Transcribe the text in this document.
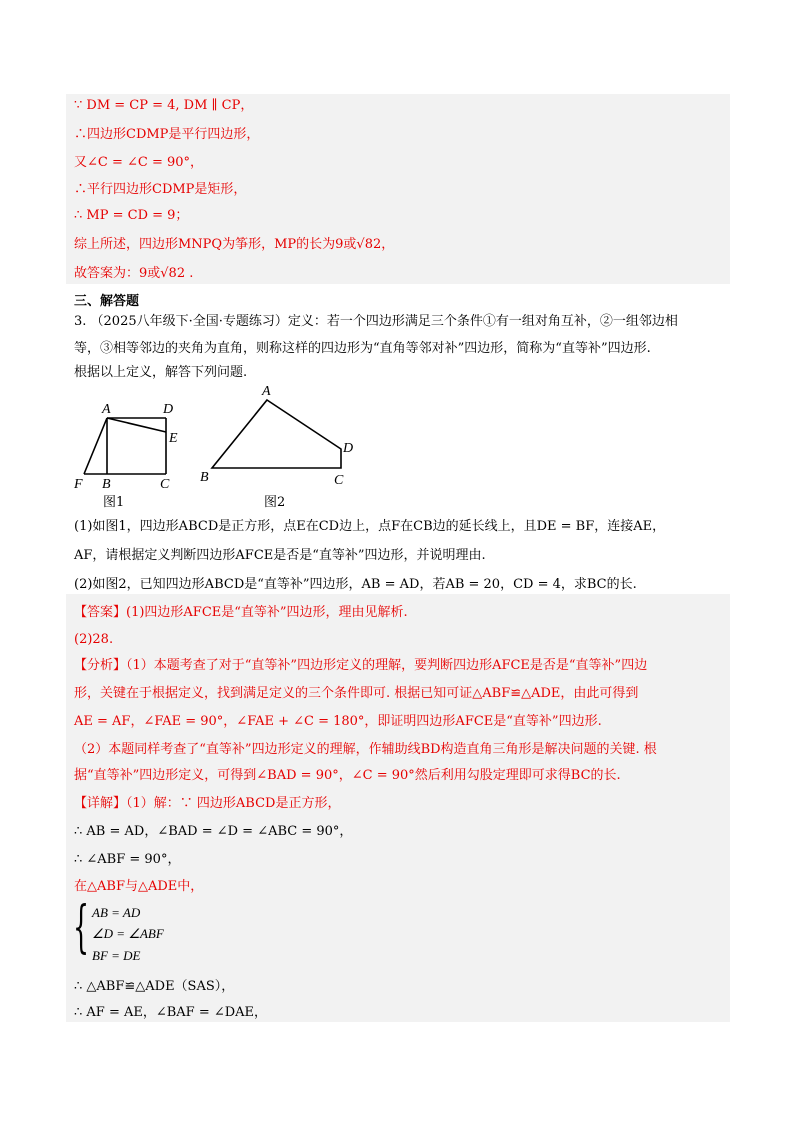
∵ DM = CP = 4, DM ∥ CP，
∴四边形CDMP是平行四边形，
又∠C = ∠C = 90°，
∴平行四边形CDMP是矩形，
∴ MP = CD = 9；
综上所述，四边形MNPQ为筝形，MP的长为9或√82，
故答案为：9或√82 .
三、解答题
3. （2025八年级下·全国·专题练习）定义：若一个四边形满足三个条件①有一组对角互补，②一组邻边相
等，③相等邻边的夹角为直角，则称这样的四边形为“直角等邻对补”四边形，简称为“直等补”四边形.
根据以上定义，解答下列问题.
A	D
E
F B	C
图1
A
D
B	C
图2
(1)如图1，四边形ABCD是正方形，点E在CD边上，点F在CB边的延长线上，且DE = BF，连接AE，
AF，请根据定义判断四边形AFCE是否是“直等补”四边形，并说明理由.
(2)如图2，已知四边形ABCD是“直等补”四边形，AB = AD，若AB = 20，CD = 4，求BC的长.
【答案】(1)四边形AFCE是“直等补”四边形，理由见解析.
(2)28.
【分析】（1）本题考查了对于“直等补”四边形定义的理解，要判断四边形AFCE是否是“直等补”四边
形，关键在于根据定义，找到满足定义的三个条件即可. 根据已知可证△ABF≌△ADE，由此可得到
AE = AF，∠FAE = 90°，∠FAE + ∠C = 180°，即证明四边形AFCE是“直等补”四边形.
（2）本题同样考查了“直等补”四边形定义的理解，作辅助线BD构造直角三角形是解决问题的关键. 根
据“直等补”四边形定义，可得到∠BAD = 90°，∠C = 90°然后利用勾股定理即可求得BC的长.
【详解】（1）解：∵ 四边形ABCD是正方形，
∴ AB = AD，∠BAD = ∠D = ∠ABC = 90°，
∴ ∠ABF = 90°，
在△ABF与△ADE中，
{ AB = AD
∠D = ∠ABF
BF = DE
∴ △ABF≌△ADE（SAS），
∴ AF = AE，∠BAF = ∠DAE，
